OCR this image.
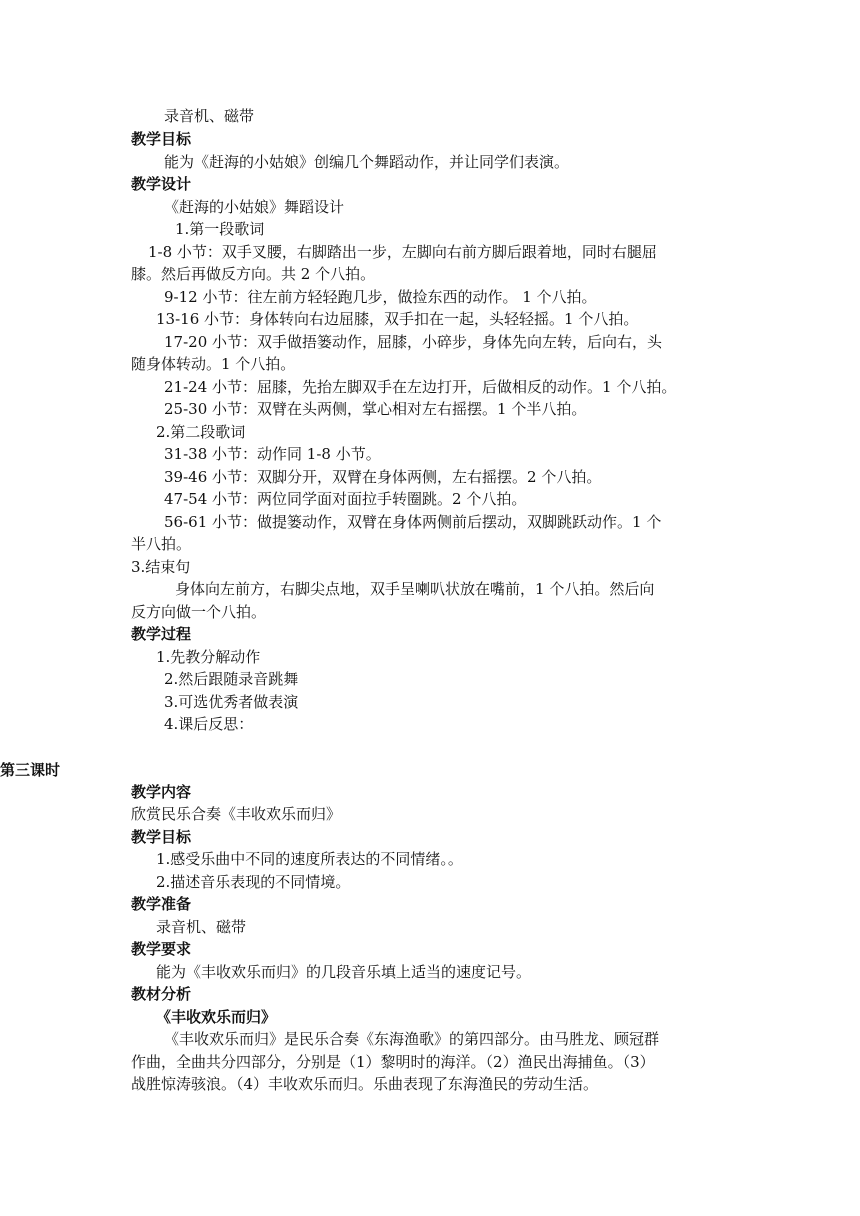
录音机、磁带
教学目标
能为《赶海的小姑娘》创编几个舞蹈动作，并让同学们表演。
教学设计
《赶海的小姑娘》舞蹈设计
1.第一段歌词
1-8 小节：双手叉腰，右脚踏出一步，左脚向右前方脚后跟着地，同时右腿屈
膝。然后再做反方向。共 2 个八拍。
9-12 小节：往左前方轻轻跑几步，做捡东西的动作。 1 个八拍。
13-16 小节：身体转向右边屈膝，双手扣在一起，头轻轻摇。1 个八拍。
17-20 小节：双手做捂篓动作，屈膝，小碎步，身体先向左转，后向右，头
随身体转动。1 个八拍。
21-24 小节：屈膝，先抬左脚双手在左边打开，后做相反的动作。1 个八拍。
25-30 小节：双臂在头两侧，掌心相对左右摇摆。1 个半八拍。
2.第二段歌词
31-38 小节：动作同 1-8 小节。
39-46 小节：双脚分开，双臂在身体两侧，左右摇摆。2 个八拍。
47-54 小节：两位同学面对面拉手转圈跳。2 个八拍。
56-61 小节：做提篓动作，双臂在身体两侧前后摆动，双脚跳跃动作。1 个
半八拍。
3.结束句
身体向左前方，右脚尖点地，双手呈喇叭状放在嘴前，1 个八拍。然后向
反方向做一个八拍。
教学过程
1.先教分解动作
2.然后跟随录音跳舞
3.可选优秀者做表演
4.课后反思：
第三课时
教学内容
欣赏民乐合奏《丰收欢乐而归》
教学目标
1.感受乐曲中不同的速度所表达的不同情绪。。
2.描述音乐表现的不同情境。
教学准备
录音机、磁带
教学要求
能为《丰收欢乐而归》的几段音乐填上适当的速度记号。
教材分析
《丰收欢乐而归》
《丰收欢乐而归》是民乐合奏《东海渔歌》的第四部分。由马胜龙、顾冠群
作曲，全曲共分四部分，分别是（1）黎明时的海洋。（2）渔民出海捕鱼。（3）
战胜惊涛骇浪。（4）丰收欢乐而归。乐曲表现了东海渔民的劳动生活。
